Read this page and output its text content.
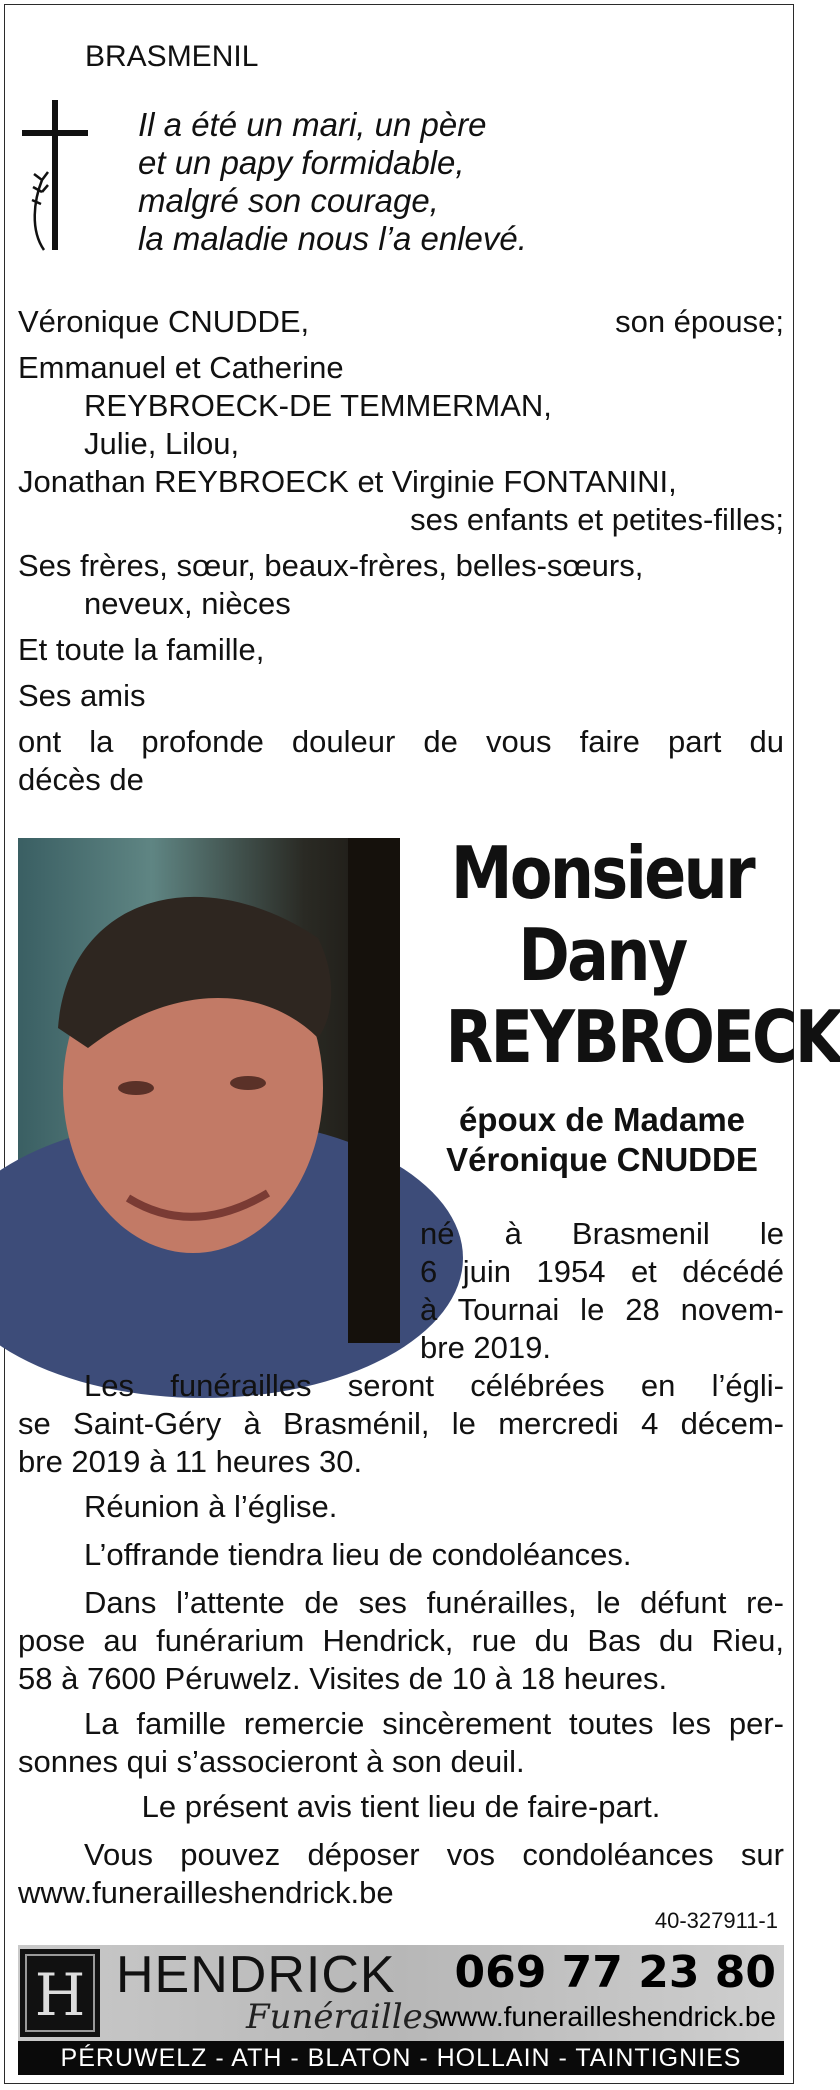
BRASMENIL
Il a été un mari, un père
et un papy formidable,
malgré son courage,
la maladie nous l’a enlevé.
Véronique CNUDDE,	son épouse;
Emmanuel et Catherine
REYBROECK-DE TEMMERMAN,
Julie, Lilou,
Jonathan REYBROECK et Virginie FONTANINI,
ses enfants et petites-filles;
Ses frères, sœur, beaux-frères, belles-sœurs,
neveux, nièces
Et toute la famille,
Ses amis
ont la profonde douleur de vous faire part du
décès de
Monsieur
Dany
REYBROECK
époux de Madame
Véronique CNUDDE
né à Brasmenil le
6 juin 1954 et décédé
à Tournai le 28 novem-
bre 2019.
Les funérailles seront célébrées en l’égli-
se Saint-Géry à Brasménil, le mercredi 4 décem-
bre 2019 à 11 heures 30.
Réunion à l’église.
L’offrande tiendra lieu de condoléances.
Dans l’attente de ses funérailles, le défunt re-
pose au funérarium Hendrick, rue du Bas du Rieu,
58 à 7600 Péruwelz. Visites de 10 à 18 heures.
La famille remercie sincèrement toutes les per-
sonnes qui s’associeront à son deuil.
Le présent avis tient lieu de faire-part.
Vous pouvez déposer vos condoléances sur
www.funerailleshendrick.be
40-327911-1
H HENDRICK
Funérailles
069 77 23 80
www.funerailleshendrick.be
PÉRUWELZ - ATH - BLATON - HOLLAIN - TAINTIGNIES
